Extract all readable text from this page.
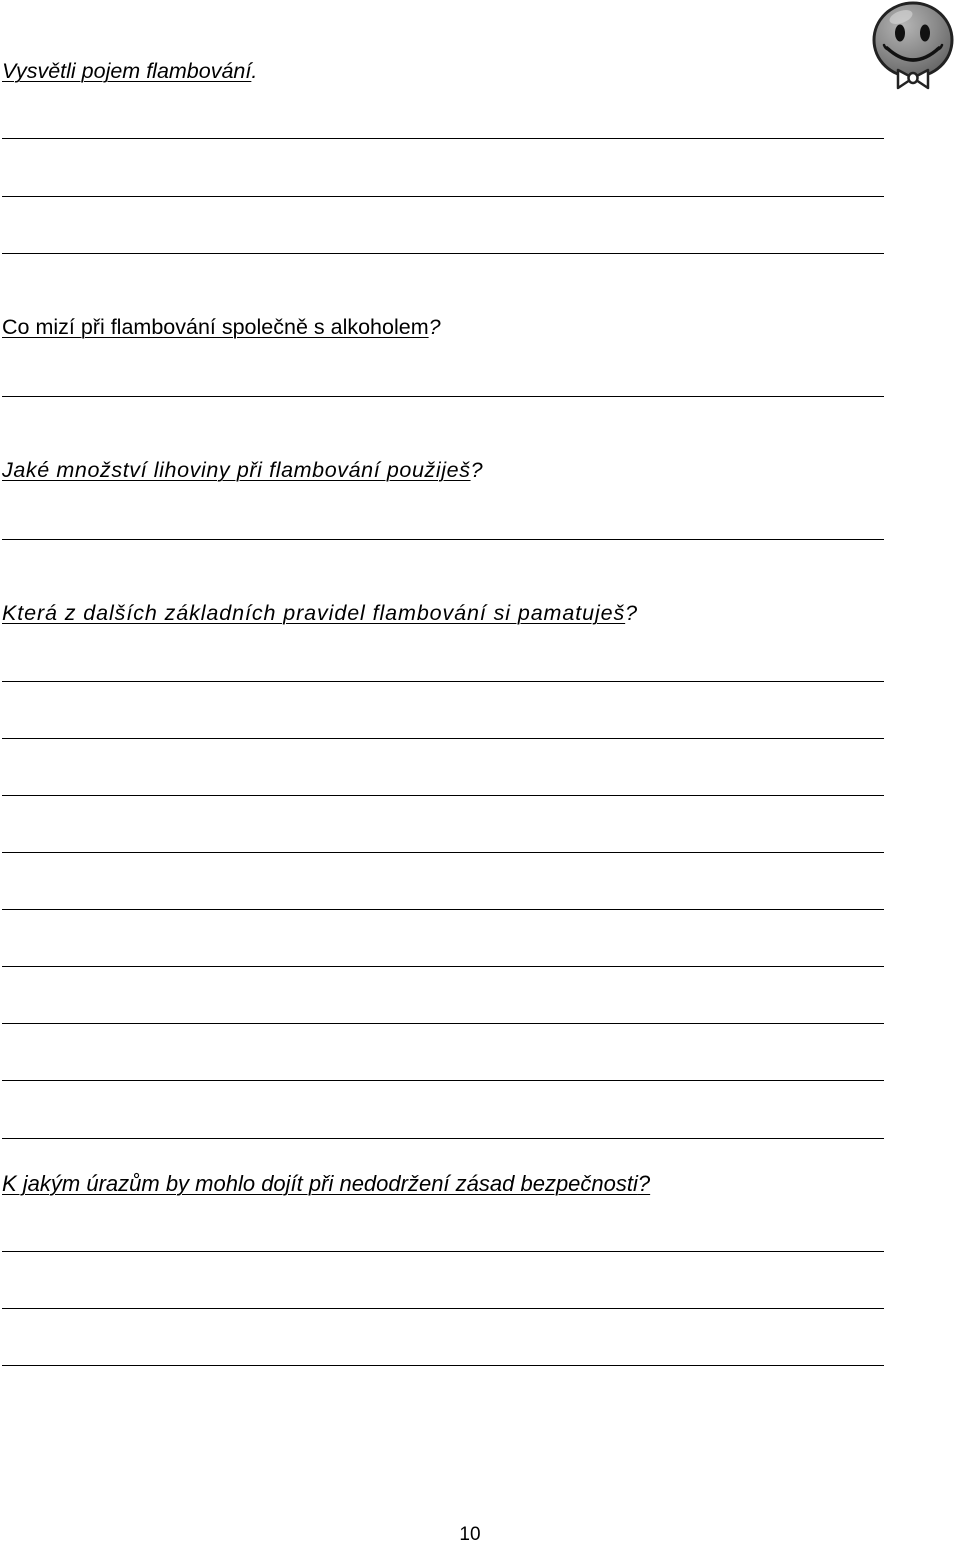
Vysvětli pojem flambování.

Co mizí při flambování společně s alkoholem?

Jaké množství lihoviny při flambování použiješ?

Která z dalších základních pravidel flambování si pamatuješ?

K jakým úrazům by mohlo dojít při nedodržení zásad bezpečnosti?

10
